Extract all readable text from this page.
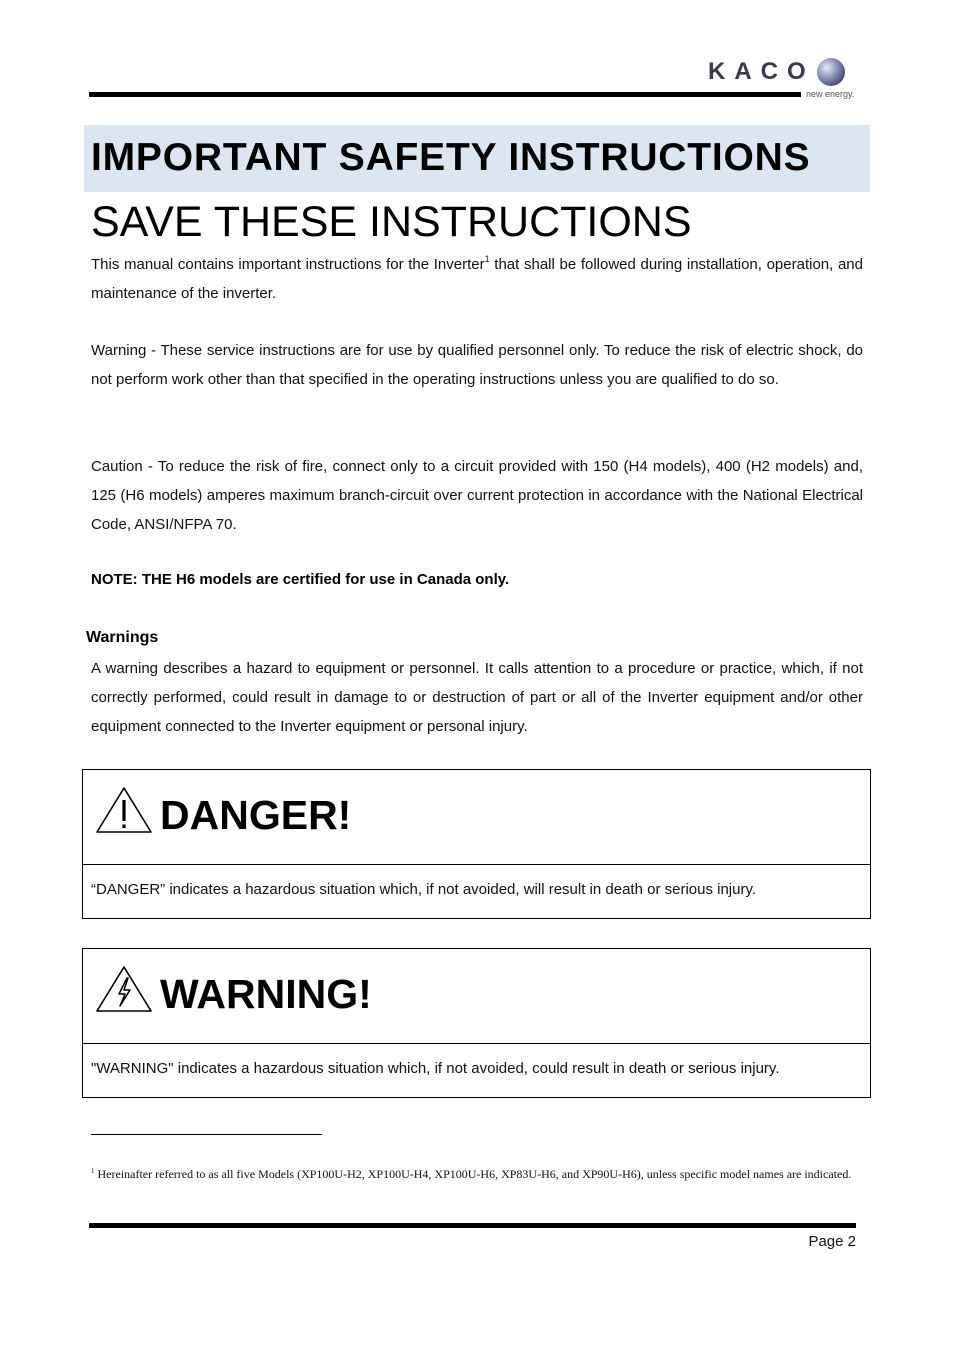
KACO
new energy.
IMPORTANT SAFETY INSTRUCTIONS
SAVE THESE INSTRUCTIONS
This manual contains important instructions for the Inverter$^1$ that shall be followed during installation, operation, and maintenance of the inverter.
Warning - These service instructions are for use by qualified personnel only. To reduce the risk of electric shock, do not perform work other than that specified in the operating instructions unless you are qualified to do so.
Caution - To reduce the risk of fire, connect only to a circuit provided with 150 (H4 models), 400 (H2 models) and, 125 (H6 models) amperes maximum branch-circuit over current protection in accordance with the National Electrical Code, ANSI/NFPA 70.
NOTE: THE H6 models are certified for use in Canada only.
Warnings
A warning describes a hazard to equipment or personnel. It calls attention to a procedure or practice, which, if not correctly performed, could result in damage to or destruction of part or all of the Inverter equipment and/or other equipment connected to the Inverter equipment or personal injury.
DANGER!
“DANGER” indicates a hazardous situation which, if not avoided, will result in death or serious injury.
WARNING!
"WARNING" indicates a hazardous situation which, if not avoided, could result in death or serious injury.
$^1$ Hereinafter referred to as all five Models (XP100U-H2, XP100U-H4, XP100U-H6, XP83U-H6, and XP90U-H6), unless specific model names are indicated.
Page 2
